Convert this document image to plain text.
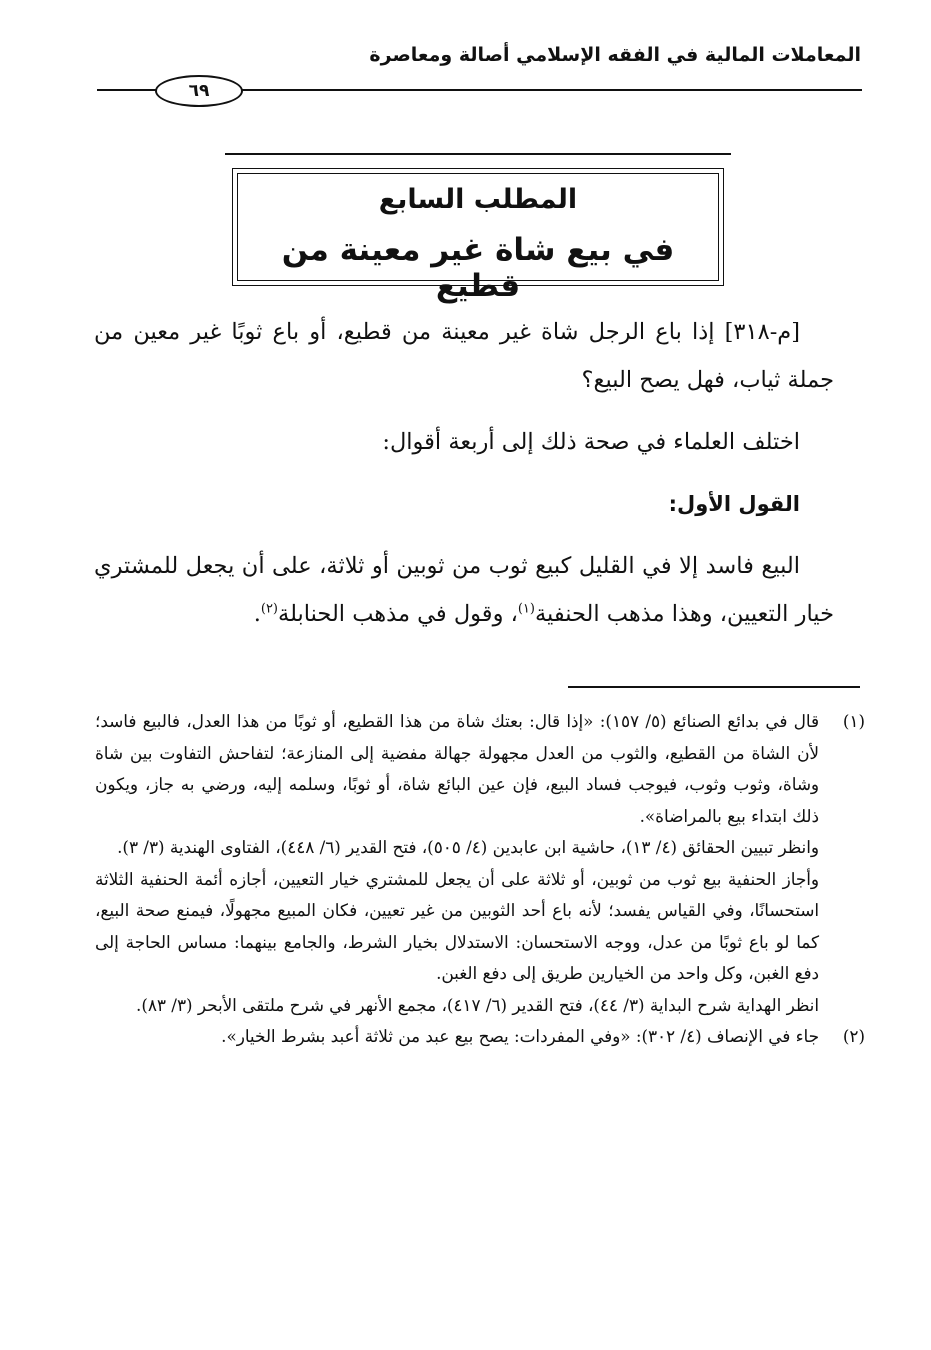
المعاملات المالية في الفقه الإسلامي أصالة ومعاصرة
٦٩
المطلب السابع
في بيع شاة غير معينة من قطيع

[م-٣١٨] إذا باع الرجل شاة غير معينة من قطيع، أو باع ثوبًا غير معين من جملة ثياب، فهل يصح البيع؟

اختلف العلماء في صحة ذلك إلى أربعة أقوال:

القول الأول:

البيع فاسد إلا في القليل كبيع ثوب من ثوبين أو ثلاثة، على أن يجعل للمشتري خيار التعيين، وهذا مذهب الحنفية$^{(١)}$، وقول في مذهب الحنابلة$^{(٢)}$.

(١)

قال في بدائع الصنائع (٥/ ١٥٧): «إذا قال: بعتك شاة من هذا القطيع، أو ثوبًا من هذا العدل، فالبيع فاسد؛ لأن الشاة من القطيع، والثوب من العدل مجهولة جهالة مفضية إلى المنازعة؛ لتفاحش التفاوت بين شاة وشاة، وثوب وثوب، فيوجب فساد البيع، فإن عين البائع شاة، أو ثوبًا، وسلمه إليه، ورضي به جاز، ويكون ذلك ابتداء بيع بالمراضاة».

وانظر تبيين الحقائق (٤/ ١٣)، حاشية ابن عابدين (٤/ ٥٠٥)، فتح القدير (٦/ ٤٤٨)، الفتاوى الهندية (٣/ ٣).

وأجاز الحنفية بيع ثوب من ثوبين، أو ثلاثة على أن يجعل للمشتري خيار التعيين، أجازه أئمة الحنفية الثلاثة استحسانًا، وفي القياس يفسد؛ لأنه باع أحد الثوبين من غير تعيين، فكان المبيع مجهولًا، فيمنع صحة البيع، كما لو باع ثوبًا من عدل، ووجه الاستحسان: الاستدلال بخيار الشرط، والجامع بينهما: مساس الحاجة إلى دفع الغبن، وكل واحد من الخيارين طريق إلى دفع الغبن.

انظر الهداية شرح البداية (٣/ ٤٤)، فتح القدير (٦/ ٤١٧)، مجمع الأنهر في شرح ملتقى الأبحر (٣/ ٨٣).

(٢)

جاء في الإنصاف (٤/ ٣٠٢): «وفي المفردات: يصح بيع عبد من ثلاثة أعبد بشرط الخيار».
